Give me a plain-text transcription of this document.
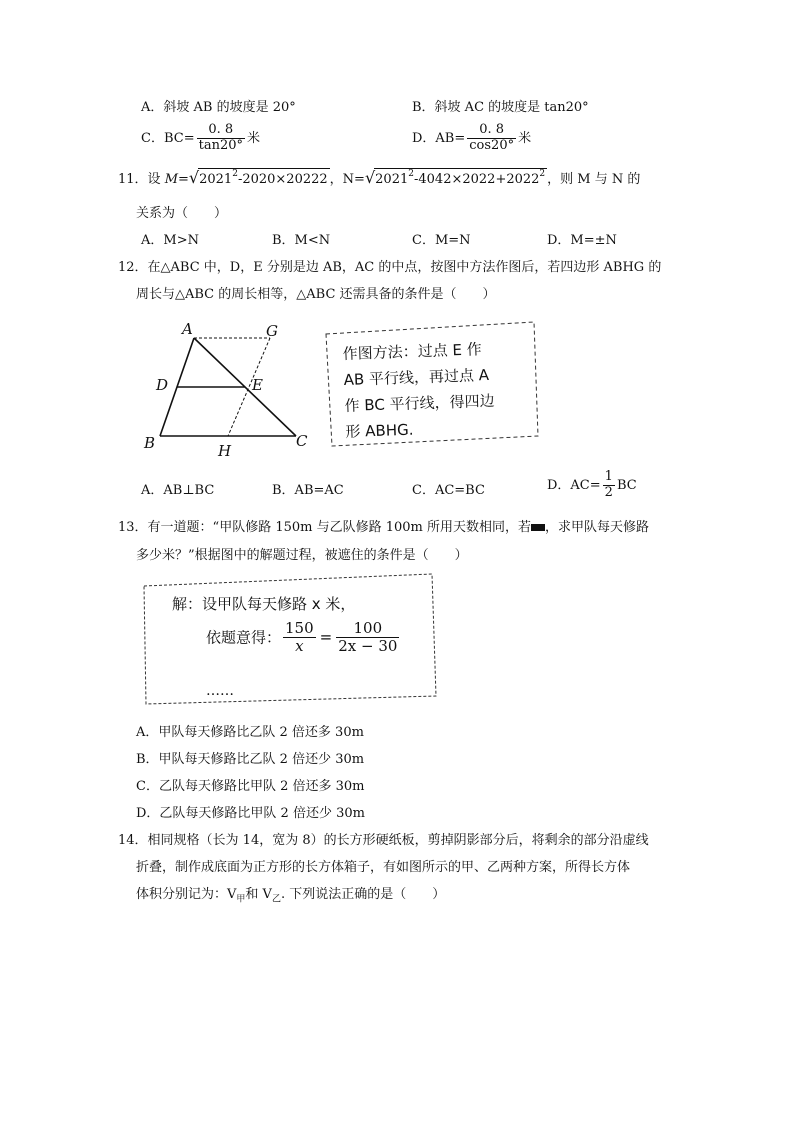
A．斜坡 AB 的坡度是 20°	B．斜坡 AC 的坡度是 tan20°
C．$BC= \frac{0. 8}{\tan 20^\circ}$ 米	D．$AB= \frac{0. 8}{\cos 20^\circ}$ 米
11．设 $M=√2021^2-2020\times 20222$ ，$N=√2021^2-4042\times 2022+2022^2$ ，则 M 与 N 的
关系为（　　）
A．M>N	B．M<N	C．M=N	D．M=±N
12．在△ABC 中，D，E 分别是边 AB，AC 的中点，按图中方法作图后，若四边形 ABHG 的
周长与△ABC 的周长相等，△ABC 还需具备的条件是（　　）
A	G
D	E
B	H
C
作图方法：过点 E 作
AB 平行线，再过点 A
作 BC 平行线，得四边
形 ABHG.
A．AB⊥BC	B．AB=AC	C．AC=BC	D．$AC= \frac{1}{2}$ BC
13．有一道题：“甲队修路 150m 与乙队修路 100m 所用天数相同，若 ，求甲队每天修路
多少米？”根据图中的解题过程，被遮住的条件是（　　）
解：设甲队每天修路 x 米，
依题意得： $\frac{150}{x} = \frac{100}{2x - 30}$
……
A．甲队每天修路比乙队 2 倍还多 30m
B．甲队每天修路比乙队 2 倍还少 30m
C．乙队每天修路比甲队 2 倍还多 30m
D．乙队每天修路比甲队 2 倍还少 30m
14．相同规格（长为 14，宽为 8）的长方形硬纸板，剪掉阴影部分后，将剩余的部分沿虚线
折叠，制作成底面为正方形的长方体箱子，有如图所示的甲、乙两种方案，所得长方体
体积分别记为：$V_甲$和 $V_乙$. 下列说法正确的是（　　）
